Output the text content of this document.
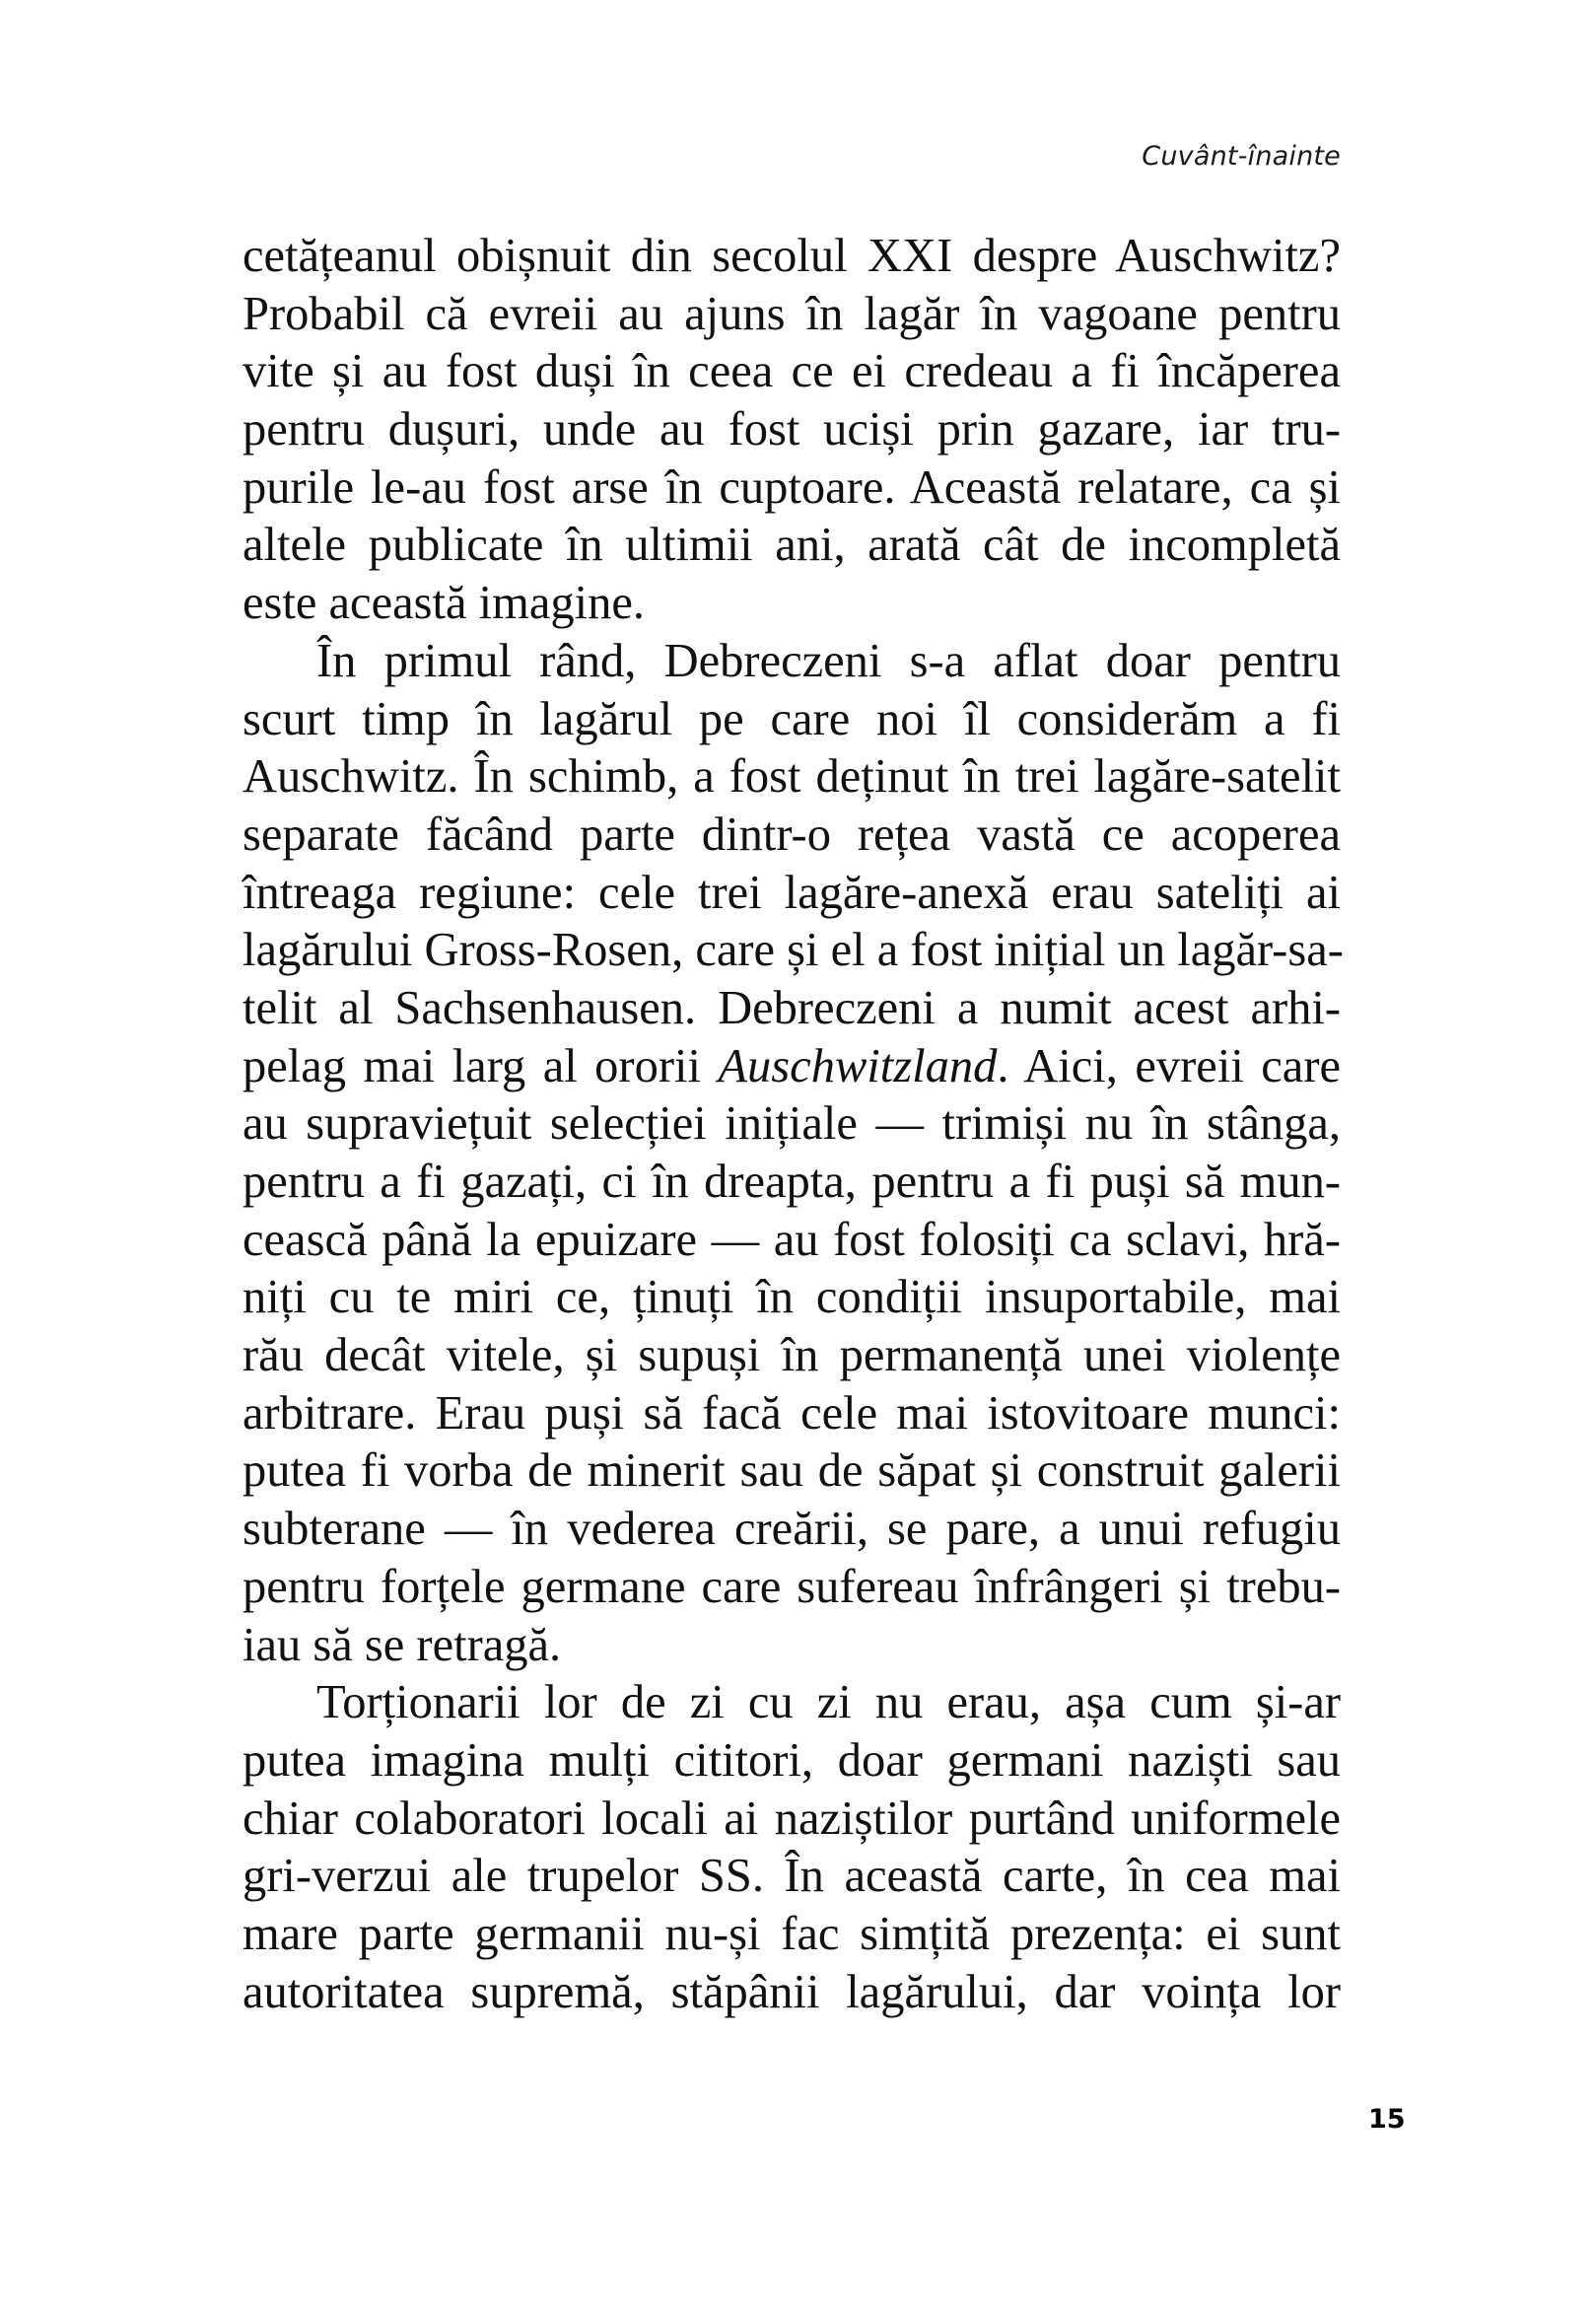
Cuvânt-înainte
cetățeanul obișnuit din secolul XXI despre Auschwitz?
Probabil că evreii au ajuns în lagăr în vagoane pentru
vite și au fost duși în ceea ce ei credeau a fi încăperea
pentru dușuri, unde au fost uciși prin gazare, iar tru-
purile le-au fost arse în cuptoare. Această relatare, ca și
altele publicate în ultimii ani, arată cât de incompletă
este această imagine.
În primul rând, Debreczeni s-a aflat doar pentru
scurt timp în lagărul pe care noi îl considerăm a fi
Auschwitz. În schimb, a fost deținut în trei lagăre-satelit
separate făcând parte dintr-o rețea vastă ce acoperea
întreaga regiune: cele trei lagăre-anexă erau sateliți ai
lagărului Gross-Rosen, care și el a fost inițial un lagăr-sa-
telit al Sachsenhausen. Debreczeni a numit acest arhi-
pelag mai larg al ororii Auschwitzland. Aici, evreii care
au supraviețuit selecției inițiale — trimiși nu în stânga,
pentru a fi gazați, ci în dreapta, pentru a fi puși să mun-
cească până la epuizare — au fost folosiți ca sclavi, hră-
niți cu te miri ce, ținuți în condiții insuportabile, mai
rău decât vitele, și supuși în permanență unei violențe
arbitrare. Erau puși să facă cele mai istovitoare munci:
putea fi vorba de minerit sau de săpat și construit galerii
subterane — în vederea creării, se pare, a unui refugiu
pentru forțele germane care sufereau înfrângeri și trebu-
iau să se retragă.
Torționarii lor de zi cu zi nu erau, așa cum și-ar
putea imagina mulți cititori, doar germani naziști sau
chiar colaboratori locali ai naziștilor purtând uniformele
gri-verzui ale trupelor SS. În această carte, în cea mai
mare parte germanii nu-și fac simțită prezența: ei sunt
autoritatea supremă, stăpânii lagărului, dar voința lor
15
